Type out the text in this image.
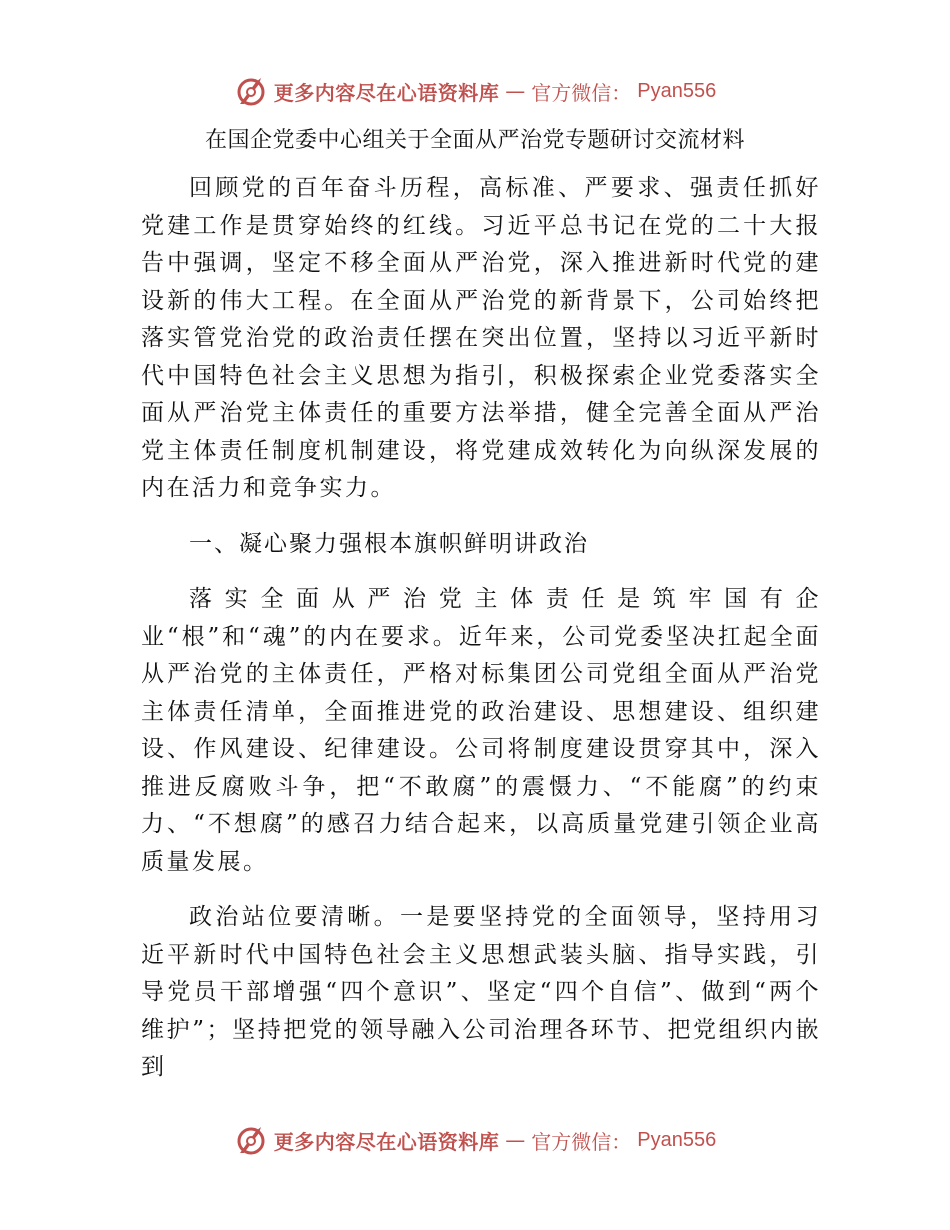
更多内容尽在心语资料库 — 官方微信： Pyan556
在国企党委中心组关于全面从严治党专题研讨交流材料

回顾党的百年奋斗历程，高标准、严要求、强责任抓好党建工作是贯穿始终的红线。习近平总书记在党的二十大报告中强调，坚定不移全面从严治党，深入推进新时代党的建设新的伟大工程。在全面从严治党的新背景下，公司始终把落实管党治党的政治责任摆在突出位置，坚持以习近平新时代中国特色社会主义思想为指引，积极探索企业党委落实全面从严治党主体责任的重要方法举措，健全完善全面从严治党主体责任制度机制建设，将党建成效转化为向纵深发展的内在活力和竞争实力。

一、凝心聚力强根本旗帜鲜明讲政治

落实全面从严治党主体责任是筑牢国有企业“根”和“魂”的内在要求。近年来，公司党委坚决扛起全面从严治党的主体责任，严格对标集团公司党组全面从严治党主体责任清单，全面推进党的政治建设、思想建设、组织建设、作风建设、纪律建设。公司将制度建设贯穿其中，深入推进反腐败斗争，把“不敢腐”的震慑力、“不能腐”的约束力、“不想腐”的感召力结合起来，以高质量党建引领企业高质量发展。

政治站位要清晰。一是要坚持党的全面领导，坚持用习近平新时代中国特色社会主义思想武装头脑、指导实践，引导党员干部增强“四个意识”、坚定“四个自信”、做到“两个维护”；坚持把党的领导融入公司治理各环节、把党组织内嵌到

更多内容尽在心语资料库 — 官方微信： Pyan556
